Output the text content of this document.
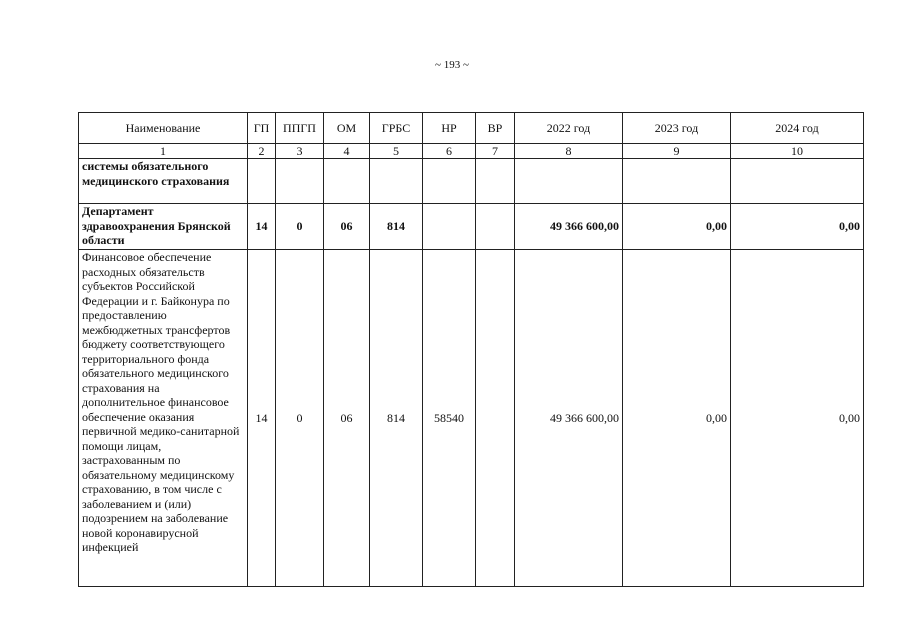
~ 193 ~
Наименование	ГП	ППГП	ОМ	ГРБС	НР	ВР	2022 год	2023 год	2024 год
1	2	3	4	5	6	7	8	9	10
системы обязательного медицинского страхования									
Департамент здравоохранения Брянской области	14	0	06	814			49 366 600,00	0,00	0,00
Финансовое обеспечение расходных обязательств субъектов Российской Федерации и г. Байконура по предоставлению межбюджетных трансфертов бюджету соответствующего территориального фонда обязательного медицинского страхования на дополнительное финансовое обеспечение оказания первичной медико-санитарной помощи лицам, застрахованным по обязательному медицинскому страхованию, в том числе с заболеванием и (или) подозрением на заболевание новой коронавирусной инфекцией	14	0	06	814	58540		49 366 600,00	0,00	0,00
